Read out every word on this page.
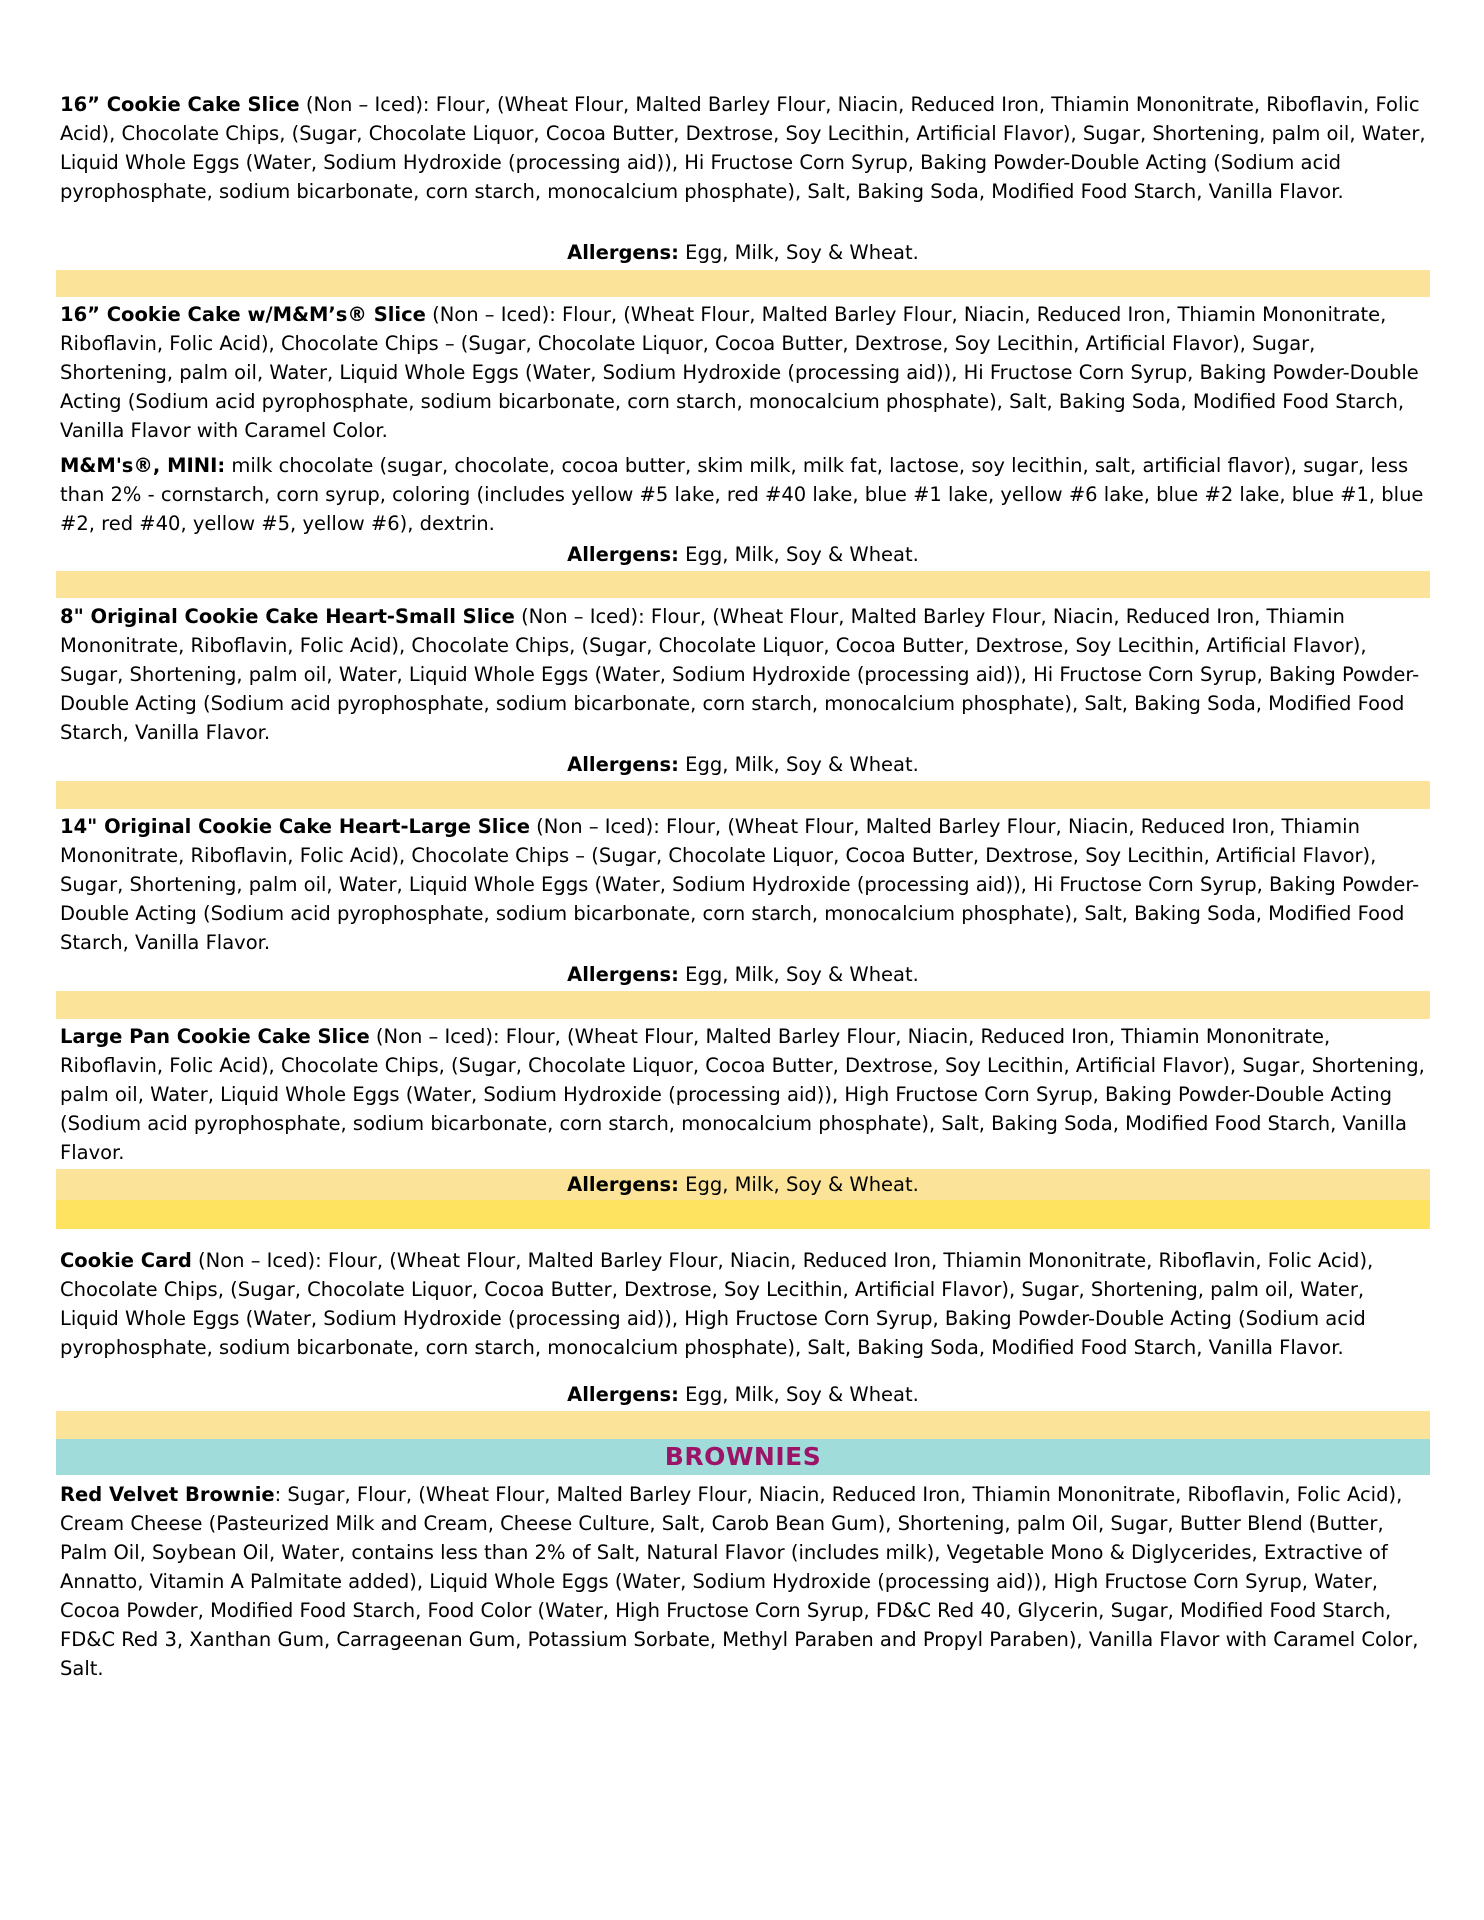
16” Cookie Cake Slice (Non – Iced): Flour, (Wheat Flour, Malted Barley Flour, Niacin, Reduced Iron, Thiamin Mononitrate, Riboflavin, Folic Acid), Chocolate Chips, (Sugar, Chocolate Liquor, Cocoa Butter, Dextrose, Soy Lecithin, Artificial Flavor), Sugar, Shortening, palm oil, Water, Liquid Whole Eggs (Water, Sodium Hydroxide (processing aid)), Hi Fructose Corn Syrup, Baking Powder-Double Acting (Sodium acid pyrophosphate, sodium bicarbonate, corn starch, monocalcium phosphate), Salt, Baking Soda, Modified Food Starch, Vanilla Flavor.

Allergens: Egg, Milk, Soy & Wheat.

16” Cookie Cake w/M&M’s® Slice (Non – Iced): Flour, (Wheat Flour, Malted Barley Flour, Niacin, Reduced Iron, Thiamin Mononitrate, Riboflavin, Folic Acid), Chocolate Chips – (Sugar, Chocolate Liquor, Cocoa Butter, Dextrose, Soy Lecithin, Artificial Flavor), Sugar, Shortening, palm oil, Water, Liquid Whole Eggs (Water, Sodium Hydroxide (processing aid)), Hi Fructose Corn Syrup, Baking Powder-Double Acting (Sodium acid pyrophosphate, sodium bicarbonate, corn starch, monocalcium phosphate), Salt, Baking Soda, Modified Food Starch, Vanilla Flavor with Caramel Color.

M&M's®, MINI: milk chocolate (sugar, chocolate, cocoa butter, skim milk, milk fat, lactose, soy lecithin, salt, artificial flavor), sugar, less than 2% - cornstarch, corn syrup, coloring (includes yellow #5 lake, red #40 lake, blue #1 lake, yellow #6 lake, blue #2 lake, blue #1, blue #2, red #40, yellow #5, yellow #6), dextrin.

Allergens: Egg, Milk, Soy & Wheat.

8" Original Cookie Cake Heart-Small Slice (Non – Iced): Flour, (Wheat Flour, Malted Barley Flour, Niacin, Reduced Iron, Thiamin Mononitrate, Riboflavin, Folic Acid), Chocolate Chips, (Sugar, Chocolate Liquor, Cocoa Butter, Dextrose, Soy Lecithin, Artificial Flavor), Sugar, Shortening, palm oil, Water, Liquid Whole Eggs (Water, Sodium Hydroxide (processing aid)), Hi Fructose Corn Syrup, Baking Powder-Double Acting (Sodium acid pyrophosphate, sodium bicarbonate, corn starch, monocalcium phosphate), Salt, Baking Soda, Modified Food Starch, Vanilla Flavor.

Allergens: Egg, Milk, Soy & Wheat.

14" Original Cookie Cake Heart-Large Slice (Non – Iced): Flour, (Wheat Flour, Malted Barley Flour, Niacin, Reduced Iron, Thiamin Mononitrate, Riboflavin, Folic Acid), Chocolate Chips – (Sugar, Chocolate Liquor, Cocoa Butter, Dextrose, Soy Lecithin, Artificial Flavor), Sugar, Shortening, palm oil, Water, Liquid Whole Eggs (Water, Sodium Hydroxide (processing aid)), Hi Fructose Corn Syrup, Baking Powder-Double Acting (Sodium acid pyrophosphate, sodium bicarbonate, corn starch, monocalcium phosphate), Salt, Baking Soda, Modified Food Starch, Vanilla Flavor.

Allergens: Egg, Milk, Soy & Wheat.

Large Pan Cookie Cake Slice (Non – Iced): Flour, (Wheat Flour, Malted Barley Flour, Niacin, Reduced Iron, Thiamin Mononitrate, Riboflavin, Folic Acid), Chocolate Chips, (Sugar, Chocolate Liquor, Cocoa Butter, Dextrose, Soy Lecithin, Artificial Flavor), Sugar, Shortening, palm oil, Water, Liquid Whole Eggs (Water, Sodium Hydroxide (processing aid)), High Fructose Corn Syrup, Baking Powder-Double Acting (Sodium acid pyrophosphate, sodium bicarbonate, corn starch, monocalcium phosphate), Salt, Baking Soda, Modified Food Starch, Vanilla Flavor.

Allergens: Egg, Milk, Soy & Wheat.

Cookie Card (Non – Iced): Flour, (Wheat Flour, Malted Barley Flour, Niacin, Reduced Iron, Thiamin Mononitrate, Riboflavin, Folic Acid), Chocolate Chips, (Sugar, Chocolate Liquor, Cocoa Butter, Dextrose, Soy Lecithin, Artificial Flavor), Sugar, Shortening, palm oil, Water, Liquid Whole Eggs (Water, Sodium Hydroxide (processing aid)), High Fructose Corn Syrup, Baking Powder-Double Acting (Sodium acid pyrophosphate, sodium bicarbonate, corn starch, monocalcium phosphate), Salt, Baking Soda, Modified Food Starch, Vanilla Flavor.

Allergens: Egg, Milk, Soy & Wheat.
BROWNIES

Red Velvet Brownie: Sugar, Flour, (Wheat Flour, Malted Barley Flour, Niacin, Reduced Iron, Thiamin Mononitrate, Riboflavin, Folic Acid), Cream Cheese (Pasteurized Milk and Cream, Cheese Culture, Salt, Carob Bean Gum), Shortening, palm Oil, Sugar, Butter Blend (Butter, Palm Oil, Soybean Oil, Water, contains less than 2% of Salt, Natural Flavor (includes milk), Vegetable Mono & Diglycerides, Extractive of Annatto, Vitamin A Palmitate added), Liquid Whole Eggs (Water, Sodium Hydroxide (processing aid)), High Fructose Corn Syrup, Water, Cocoa Powder, Modified Food Starch, Food Color (Water, High Fructose Corn Syrup, FD&C Red 40, Glycerin, Sugar, Modified Food Starch, FD&C Red 3, Xanthan Gum, Carrageenan Gum, Potassium Sorbate, Methyl Paraben and Propyl Paraben), Vanilla Flavor with Caramel Color, Salt.
